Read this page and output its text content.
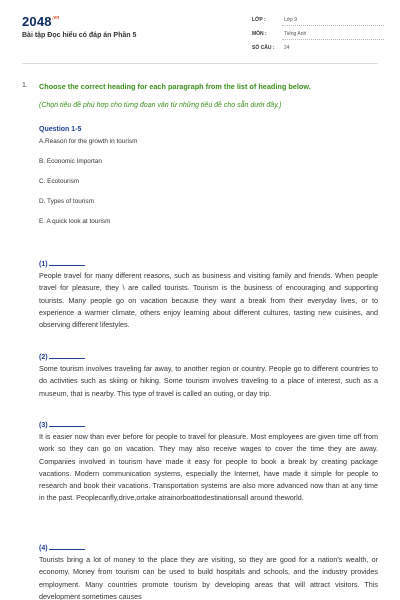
$2048^{.vn}$
Bài tập Đọc hiểu có đáp án Phần 5
LỚP :	Lớp 9
MÔN :	Tiếng Anh
SỐ CÂU : 24
1. Choose the correct heading for each paragraph from the list of heading below.
(Chọn tiêu đề phù hợp cho từng đoạn văn từ những tiêu đề cho sẵn dưới đây.)
Question 1-5
A.Reason for the growth in tourism
B. Economic Importan
C. Ecotourism
D. Types of tourism
E. A quick look at tourism
(1)
People travel for many different reasons, such as business and visiting family and friends. When people travel for pleasure, they \ are called tourists. Tourism is the business of encouraging and supporting tourists. Many people go on vacation because they want a break from their everyday lives, or to experience a warmer climate, others enjoy learning about different cultures, tasting new cuisines, and observing different lifestyles.
(2)
Some tourism involves traveling far away, to another region or country. People go to different countries to do activities such as skiing or hiking. Some tourism involves traveling to a place of interest, such as a museum, that is nearby. This type of travel is called an outing, or day trip.
(3)
It is easier now than ever before for people to travel for pleasure. Most employees are given time off from work so they can go on vacation. They may also receive wages to cover the time they are away. Companies involved in tourism have made it easy for people to book a break by creating package vacations. Modern communication systems, especially the Internet, have made it simple for people to research and book their vacations. Transportation systems are also more advanced now than at any time in the past. Peoplecanfly,drive,ortake atrainorboattodestinationsall around theworld.
(4)
Tourists bring a lot of money to the place they are visiting, so they are good for a nation's wealth, or economy. Money from tourism can be used to build hospitals and schools, and the industry provides employment. Many countries promote tourism by developing areas that will attract visitors. This development sometimes causes
